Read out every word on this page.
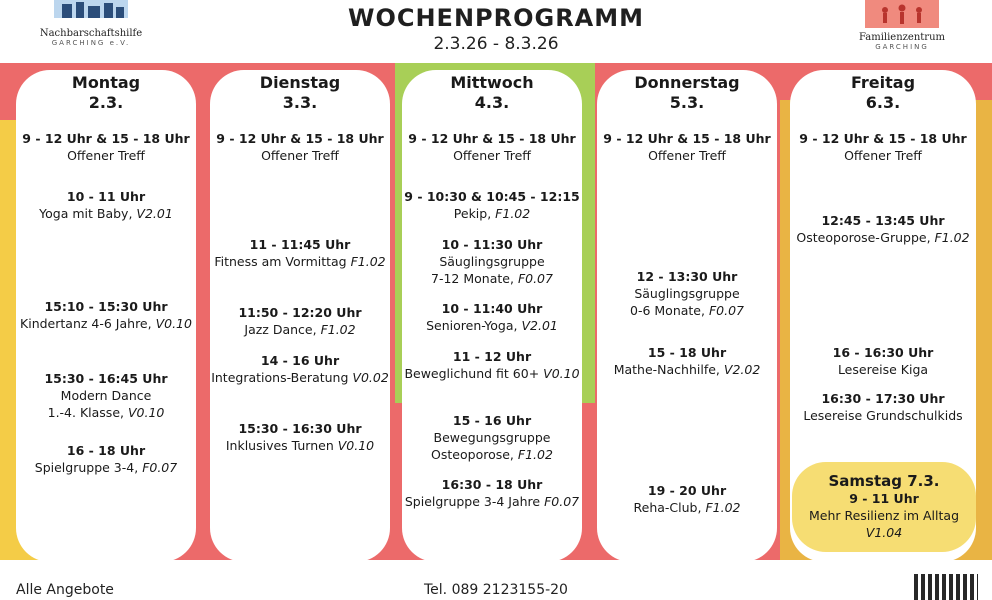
Nachbarschaftshilfe
GARCHING e.V.	Familienzentrum
GARCHING
WOCHENPROGRAMM
2.3.26 - 8.3.26
Montag
2.3.
9 - 12 Uhr & 15 - 18 Uhr
Offener Treff
10 - 11 Uhr
Yoga mit Baby, V2.01
15:10 - 15:30 Uhr
Kindertanz 4-6 Jahre, V0.10
15:30 - 16:45 Uhr
Modern Dance
1.-4. Klasse, V0.10
16 - 18 Uhr
Spielgruppe 3-4, F0.07
Dienstag
3.3.
9 - 12 Uhr & 15 - 18 Uhr
Offener Treff
11 - 11:45 Uhr
Fitness am Vormittag F1.02
11:50 - 12:20 Uhr
Jazz Dance, F1.02
14 - 16 Uhr
Integrations-Beratung V0.02
15:30 - 16:30 Uhr
Inklusives Turnen V0.10
Mittwoch
4.3.
9 - 12 Uhr & 15 - 18 Uhr
Offener Treff
9 - 10:30 & 10:45 - 12:15
Pekip, F1.02
10 - 11:30 Uhr
Säuglingsgruppe
7-12 Monate, F0.07
10 - 11:40 Uhr
Senioren-Yoga, V2.01
11 - 12 Uhr
Beweglichund fit 60+ V0.10
15 - 16 Uhr
Bewegungsgruppe
Osteoporose, F1.02
16:30 - 18 Uhr
Spielgruppe 3-4 Jahre F0.07
Donnerstag
5.3.
9 - 12 Uhr & 15 - 18 Uhr
Offener Treff
12 - 13:30 Uhr
Säuglingsgruppe
0-6 Monate, F0.07
15 - 18 Uhr
Mathe-Nachhilfe, V2.02
19 - 20 Uhr
Reha-Club, F1.02
Freitag
6.3.
9 - 12 Uhr & 15 - 18 Uhr
Offener Treff
12:45 - 13:45 Uhr
Osteoporose-Gruppe, F1.02
16 - 16:30 Uhr
Lesereise Kiga
16:30 - 17:30 Uhr
Lesereise Grundschulkids
Samstag 7.3.
9 - 11 Uhr
Mehr Resilienz im Alltag
V1.04
Alle Angebote	Tel. 089 2123155-20
